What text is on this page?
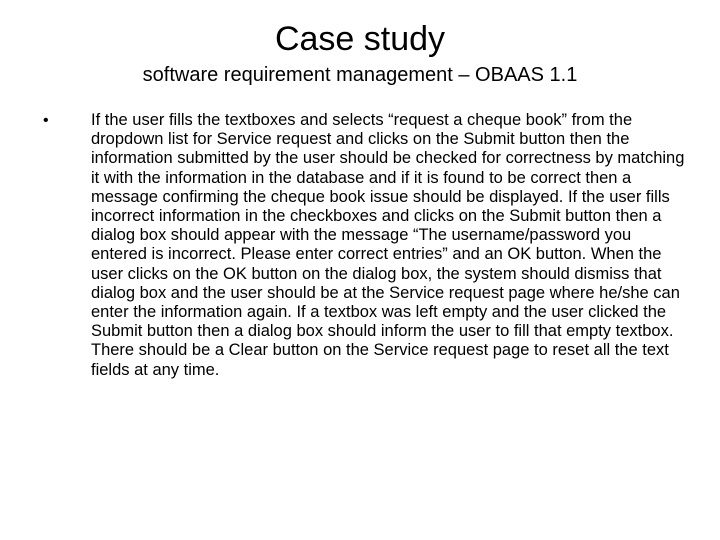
Case study
software requirement management – OBAAS 1.1
•	If the user fills the textboxes and selects “request a cheque book” from the dropdown list for Service request and clicks on the Submit button then the information submitted by the user should be checked for correctness by matching it with the information in the database and if it is found to be correct then a message confirming the cheque book issue should be displayed. If the user fills incorrect information in the checkboxes and clicks on the Submit button then a dialog box should appear with the message “The username/password you entered is incorrect. Please enter correct entries” and an OK button. When the user clicks on the OK button on the dialog box, the system should dismiss that dialog box and the user should be at the Service request page where he/she can enter the information again. If a textbox was left empty and the user clicked the Submit button then a dialog box should inform the user to fill that empty textbox. There should be a Clear button on the Service request page to reset all the text fields at any time.
